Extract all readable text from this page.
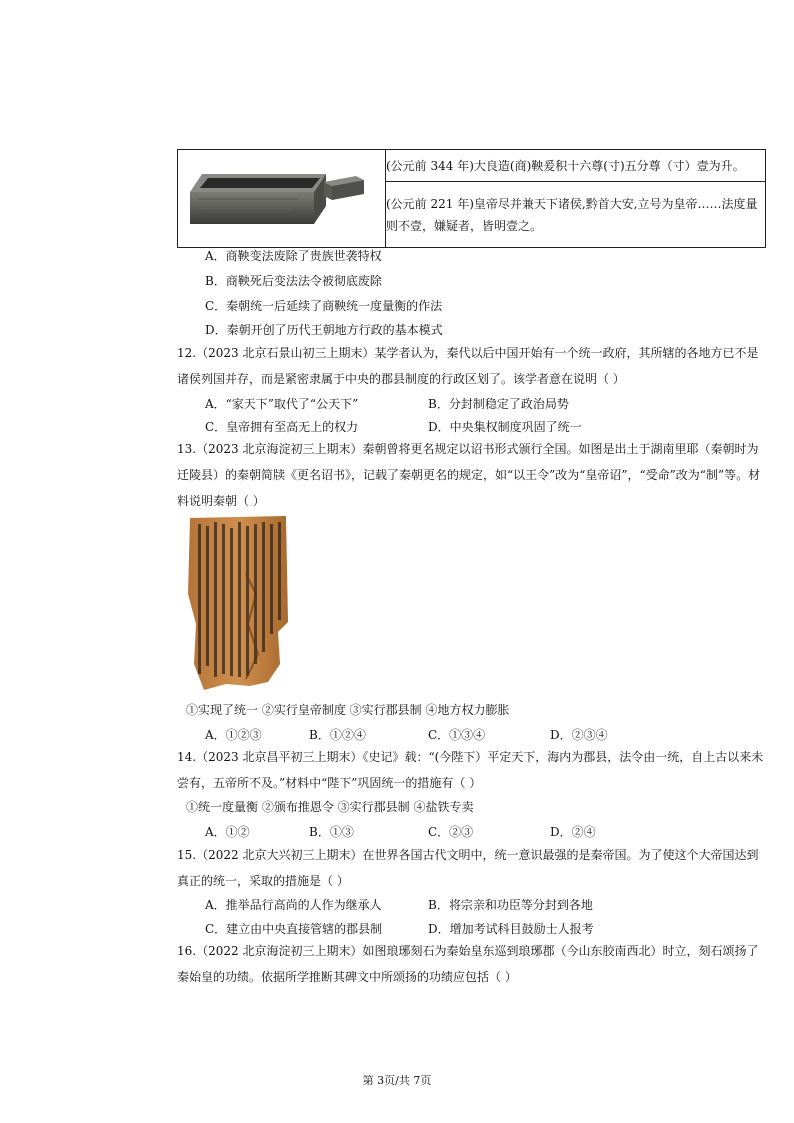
	(公元前 344 年)大良造(商)鞅爰积十六尊(寸)五分尊（寸）壹为升。
(公元前 221 年)皇帝尽并兼天下诸侯,黔首大安,立号为皇帝……法度量则不壹，嫌疑者，皆明壹之。
A．商鞅变法废除了贵族世袭特权
B．商鞅死后变法法令被彻底废除
C．秦朝统一后延续了商鞅统一度量衡的作法
D．秦朝开创了历代王朝地方行政的基本模式
12.（2023 北京石景山初三上期末）某学者认为，秦代以后中国开始有一个统一政府，其所辖的各地方已不是诸侯列国并存，而是紧密隶属于中央的郡县制度的行政区划了。该学者意在说明（ ）
A．“家天下”取代了“公天下”	B．分封制稳定了政治局势
C．皇帝拥有至高无上的权力	D．中央集权制度巩固了统一
13.（2023 北京海淀初三上期末）秦朝曾将更名规定以诏书形式颁行全国。如图是出土于湖南里耶（秦朝时为迁陵县）的秦朝简牍《更名诏书》，记载了秦朝更名的规定，如“以王令”改为“皇帝诏”，“受命”改为“制”等。材料说明秦朝（ ）
①实现了统一 ②实行皇帝制度 ③实行郡县制 ④地方权力膨胀
A．①②③	B．①②④	C．①③④	D．②③④
14.（2023 北京昌平初三上期末）《史记》载：“(今陛下）平定天下，海内为郡县，法令由一统，自上古以来未尝有，五帝所不及。”材料中“陛下”巩固统一的措施有（ ）
①统一度量衡 ②颁布推恩令 ③实行郡县制 ④盐铁专卖
A．①②	B．①③	C．②③	D．②④
15.（2022 北京大兴初三上期末）在世界各国古代文明中，统一意识最强的是秦帝国。为了使这个大帝国达到真正的统一，采取的措施是（ ）
A．推举品行高尚的人作为继承人	B．将宗亲和功臣等分封到各地
C．建立由中央直接管辖的郡县制	D．增加考试科目鼓励士人报考
16.（2022 北京海淀初三上期末）如图琅琊刻石为秦始皇东巡到琅琊郡（今山东胶南西北）时立，刻石颂扬了秦始皇的功绩。依据所学推断其碑文中所颂扬的功绩应包括（ ）
第 3页/共 7页
